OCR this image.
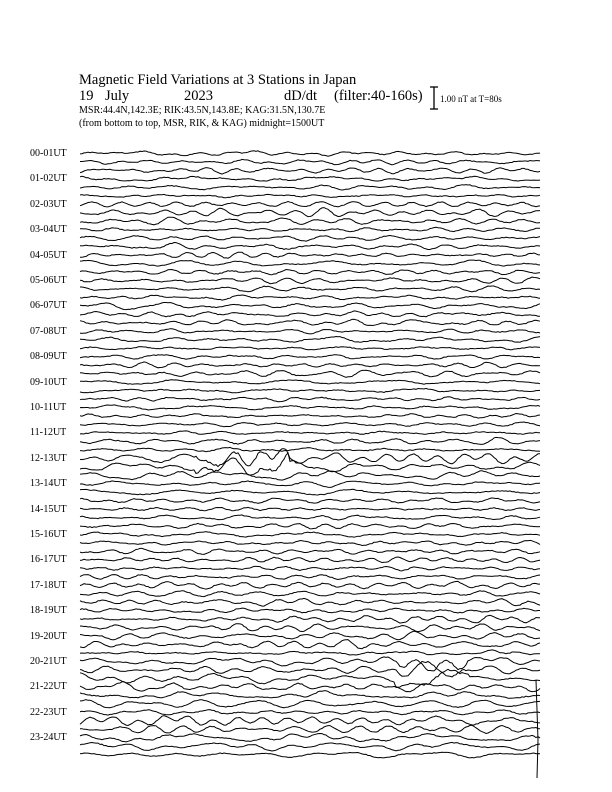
Magnetic Field Variations at 3 Stations in Japan
19 July	2023	dD/dt (filter:40-160s)
MSR:44.4N,142.3E; RIK:43.5N,143.8E; KAG:31.5N,130.7E
(from bottom to top, MSR, RIK, & KAG) midnight=1500UT
1.00 nT at T=80s
00-01UT
01-02UT
02-03UT
03-04UT
04-05UT
05-06UT
06-07UT
07-08UT
08-09UT
09-10UT
10-11UT
11-12UT
12-13UT
13-14UT
14-15UT
15-16UT
16-17UT
17-18UT
18-19UT
19-20UT
20-21UT
21-22UT
22-23UT
23-24UT
